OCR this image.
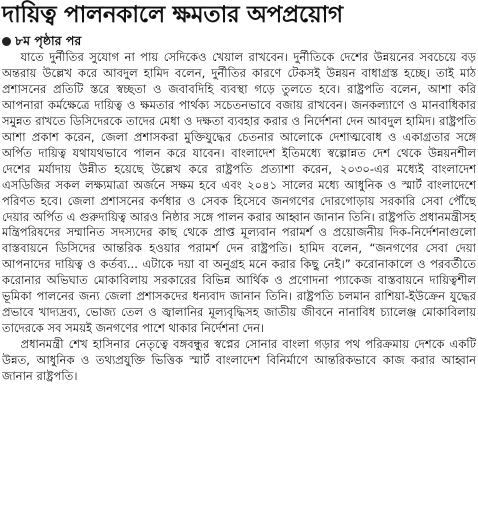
দায়িত্ব পালনকালে ক্ষমতার অপপ্রয়োগ
৮ম পৃষ্ঠার পর

যাতে দুর্নীতির সুযোগ না পায় সেদিকেও খেয়াল রাখবেন। দুর্নীতিকে দেশের উন্নয়নের সবচেয়ে বড় অন্তরায় উল্লেখ করে আবদুল হামিদ বলেন, দুর্নীতির কারণে টেকসই উন্নয়ন বাধাগ্রস্ত হচ্ছে। তাই মাঠ প্রশাসনের প্রতিটি স্তরে স্বচ্ছতা ও জবাবদিহি ব্যবস্থা গড়ে তুলতে হবে। রাষ্ট্রপতি বলেন, আশা করি আপনারা কর্মক্ষেত্রে দায়িত্ব ও ক্ষমতার পার্থক্য সচেতনভাবে বজায় রাখবেন। জনকল্যাণে ও মানবাধিকার সমুন্নত রাখতে ডিসিদেরকে তাদের মেধা ও দক্ষতা ব্যবহার করার ও নির্দেশনা দেন আবদুল হামিদ। রাষ্ট্রপতি আশা প্রকাশ করেন, জেলা প্রশাসকরা মুক্তিযুদ্ধের চেতনার আলোকে দেশাত্মবোধ ও একাগ্রতার সঙ্গে অর্পিত দায়িত্ব যথাযথভাবে পালন করে যাবেন। বাংলাদেশ ইতিমধ্যে স্বল্পোন্নত দেশ থেকে উন্নয়নশীল দেশের মর্যাদায় উন্নীত হয়েছে উল্লেখ করে রাষ্ট্রপতি প্রত্যাশা করেন, ২০৩০-এর মধ্যেই বাংলাদেশ এসডিজির সকল লক্ষ্যমাত্রা অর্জনে সক্ষম হবে এবং ২০৪১ সালের মধ্যে আধুনিক ও স্মার্ট বাংলাদেশে পরিণত হবে। জেলা প্রশাসনের কর্ণধার ও সেবক হিসেবে জনগণের দোরগোড়ায় সরকারি সেবা পৌঁছে দেয়ার অর্পিত এ গুরুদায়িত্ব আরও নিষ্ঠার সঙ্গে পালন করার আহ্বান জানান তিনি। রাষ্ট্রপতি প্রধানমন্ত্রীসহ মন্ত্রিপরিষদের সম্মানিত সদস্যদের কাছ থেকে প্রাপ্ত মূল্যবান পরামর্শ ও প্রয়োজনীয় দিক-নির্দেশনাগুলো বাস্তবায়নে ডিসিদের আন্তরিক হওয়ার পরামর্শ দেন রাষ্ট্রপতি। হামিদ বলেন, “জনগণের সেবা দেয়া আপনাদের দায়িত্ব ও কর্তব্য... এটাকে দয়া বা অনুগ্রহ মনে করার কিছু নেই।” করোনাকালে ও পরবর্তীতে করোনার অভিঘাত মোকাবিলায় সরকারের বিভিন্ন আর্থিক ও প্রণোদনা প্যাকেজ বাস্তবায়নে দায়িত্বশীল ভূমিকা পালনের জন্য জেলা প্রশাসকদের ধন্যবাদ জানান তিনি। রাষ্ট্রপতি চলমান রাশিয়া-ইউক্রেন যুদ্ধের প্রভাবে খাদ্যদ্রব্য, ভোজ্য তেল ও জ্বালানির মূল্যবৃদ্ধিসহ জাতীয় জীবনে নানাবিধ চ্যালেঞ্জ মোকাবিলায় তাদেরকে সব সময়ই জনগণের পাশে থাকার নির্দেশনা দেন।

প্রধানমন্ত্রী শেখ হাসিনার নেতৃত্বে বঙ্গবন্ধুর স্বপ্নের সোনার বাংলা গড়ার পথ পরিক্রমায় দেশকে একটি উন্নত, আধুনিক ও তথ্যপ্রযুক্তি ভিত্তিক স্মার্ট বাংলাদেশ বিনির্মাণে আন্তরিকভাবে কাজ করার আহ্বান জানান রাষ্ট্রপতি।
